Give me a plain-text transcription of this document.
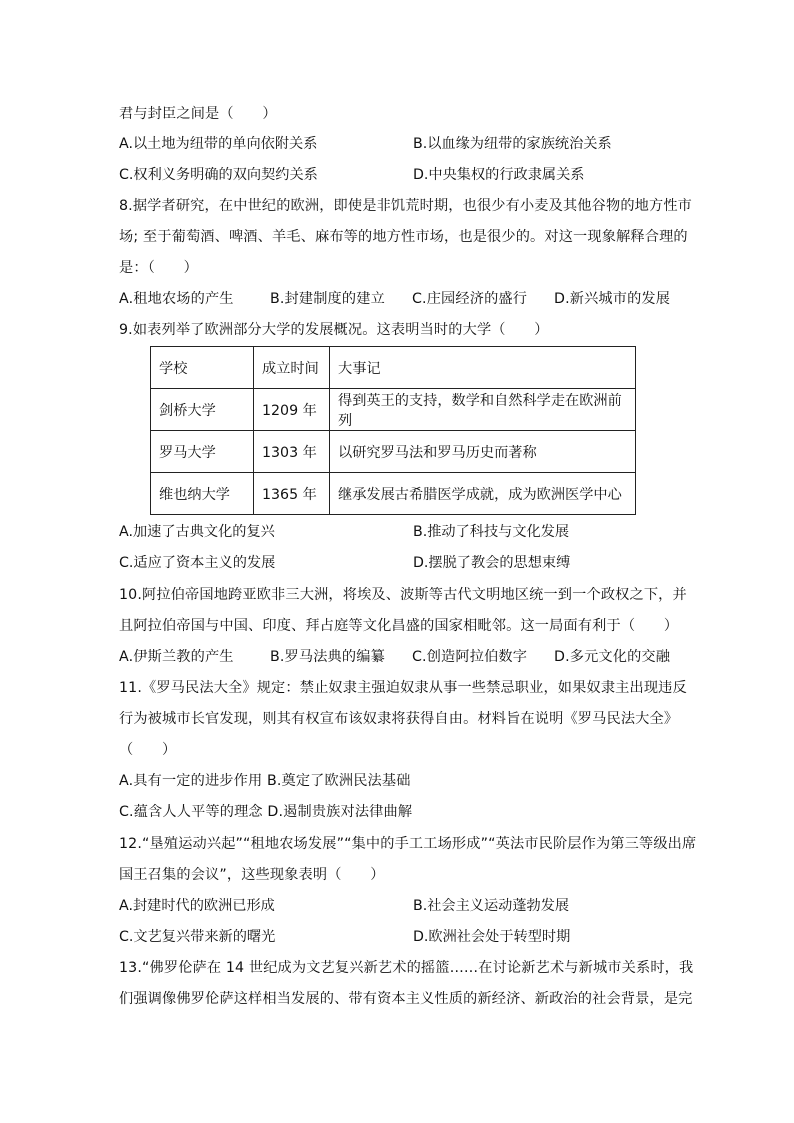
君与封臣之间是（　　）
A.以土地为纽带的单向依附关系	B.以血缘为纽带的家族统治关系
C.权利义务明确的双向契约关系	D.中央集权的行政隶属关系
8.据学者研究，在中世纪的欧洲，即使是非饥荒时期，也很少有小麦及其他谷物的地方性市
场; 至于葡萄酒、啤酒、羊毛、麻布等的地方性市场，也是很少的。对这一现象解释合理的
是：（　　）
A.租地农场的产生	B.封建制度的建立 C.庄园经济的盛行 D.新兴城市的发展
9.如表列举了欧洲部分大学的发展概况。这表明当时的大学（　　）
学校	成立时间	大事记
剑桥大学	1209 年	得到英王的支持，数学和自然科学走在欧洲前列
罗马大学	1303 年	以研究罗马法和罗马历史而著称
维也纳大学	1365 年	继承发展古希腊医学成就，成为欧洲医学中心
A.加速了古典文化的复兴	B.推动了科技与文化发展
C.适应了资本主义的发展	D.摆脱了教会的思想束缚
10.阿拉伯帝国地跨亚欧非三大洲，将埃及、波斯等古代文明地区统一到一个政权之下，并
且阿拉伯帝国与中国、印度、拜占庭等文化昌盛的国家相毗邻。这一局面有利于（　　）
A.伊斯兰教的产生	B.罗马法典的编纂 C.创造阿拉伯数字 D.多元文化的交融
11.《罗马民法大全》规定：禁止奴隶主强迫奴隶从事一些禁忌职业，如果奴隶主出现违反
行为被城市长官发现，则其有权宣布该奴隶将获得自由。材料旨在说明《罗马民法大全》
（　　）
A.具有一定的进步作用 B.奠定了欧洲民法基础
C.蕴含人人平等的理念 D.遏制贵族对法律曲解
12.“垦殖运动兴起”“租地农场发展”“集中的手工工场形成”“英法市民阶层作为第三等级出席
国王召集的会议”，这些现象表明（　　）
A.封建时代的欧洲已形成	B.社会主义运动蓬勃发展
C.文艺复兴带来新的曙光	D.欧洲社会处于转型时期
13.“佛罗伦萨在 14 世纪成为文艺复兴新艺术的摇篮……在讨论新艺术与新城市关系时，我
们强调像佛罗伦萨这样相当发展的、带有资本主义性质的新经济、新政治的社会背景，是完
